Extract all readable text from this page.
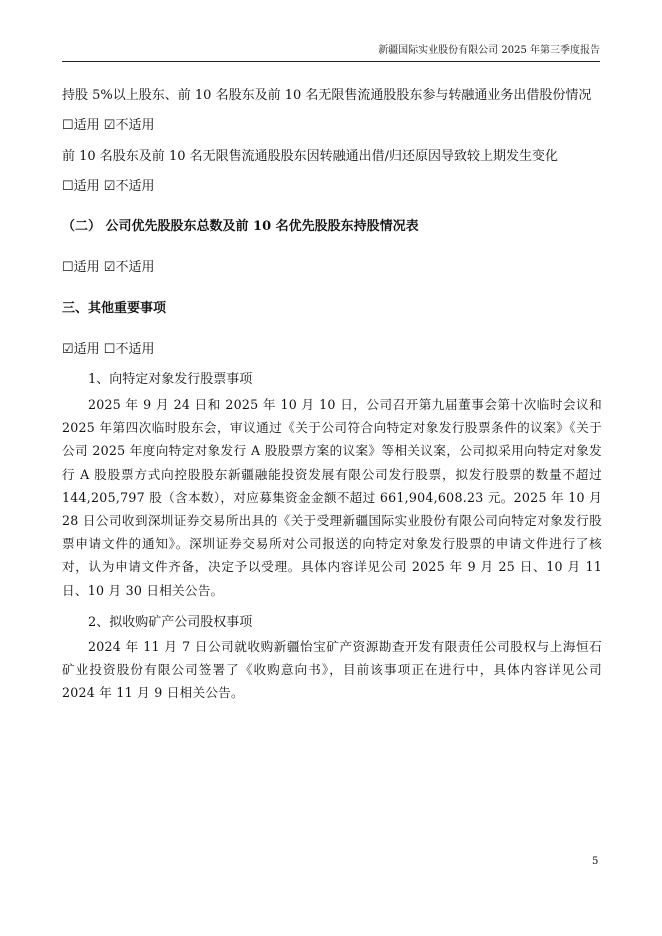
新疆国际实业股份有限公司 2025 年第三季度报告
持股 5%以上股东、前 10 名股东及前 10 名无限售流通股股东参与转融通业务出借股份情况
☐适用 ☑不适用
前 10 名股东及前 10 名无限售流通股股东因转融通出借/归还原因导致较上期发生变化
☐适用 ☑不适用
（二） 公司优先股股东总数及前 10 名优先股股东持股情况表
☐适用 ☑不适用
三、其他重要事项
☑适用 ☐不适用
1、向特定对象发行股票事项
2025 年 9 月 24 日和 2025 年 10 月 10 日，公司召开第九届董事会第十次临时会议和 2025 年第四次临时股东会，审议通过《关于公司符合向特定对象发行股票条件的议案》《关于公司 2025 年度向特定对象发行 A 股股票方案的议案》等相关议案，公司拟采用向特定对象发行 A 股股票方式向控股股东新疆融能投资发展有限公司发行股票，拟发行股票的数量不超过 144,205,797 股（含本数），对应募集资金金额不超过 661,904,608.23 元。2025 年 10 月 28 日公司收到深圳证券交易所出具的《关于受理新疆国际实业股份有限公司向特定对象发行股票申请文件的通知》。深圳证券交易所对公司报送的向特定对象发行股票的申请文件进行了核对，认为申请文件齐备，决定予以受理。具体内容详见公司 2025 年 9 月 25 日、10 月 11 日、10 月 30 日相关公告。
2、拟收购矿产公司股权事项
2024 年 11 月 7 日公司就收购新疆怡宝矿产资源勘查开发有限责任公司股权与上海恒石矿业投资股份有限公司签署了《收购意向书》，目前该事项正在进行中，具体内容详见公司 2024 年 11 月 9 日相关公告。
5
